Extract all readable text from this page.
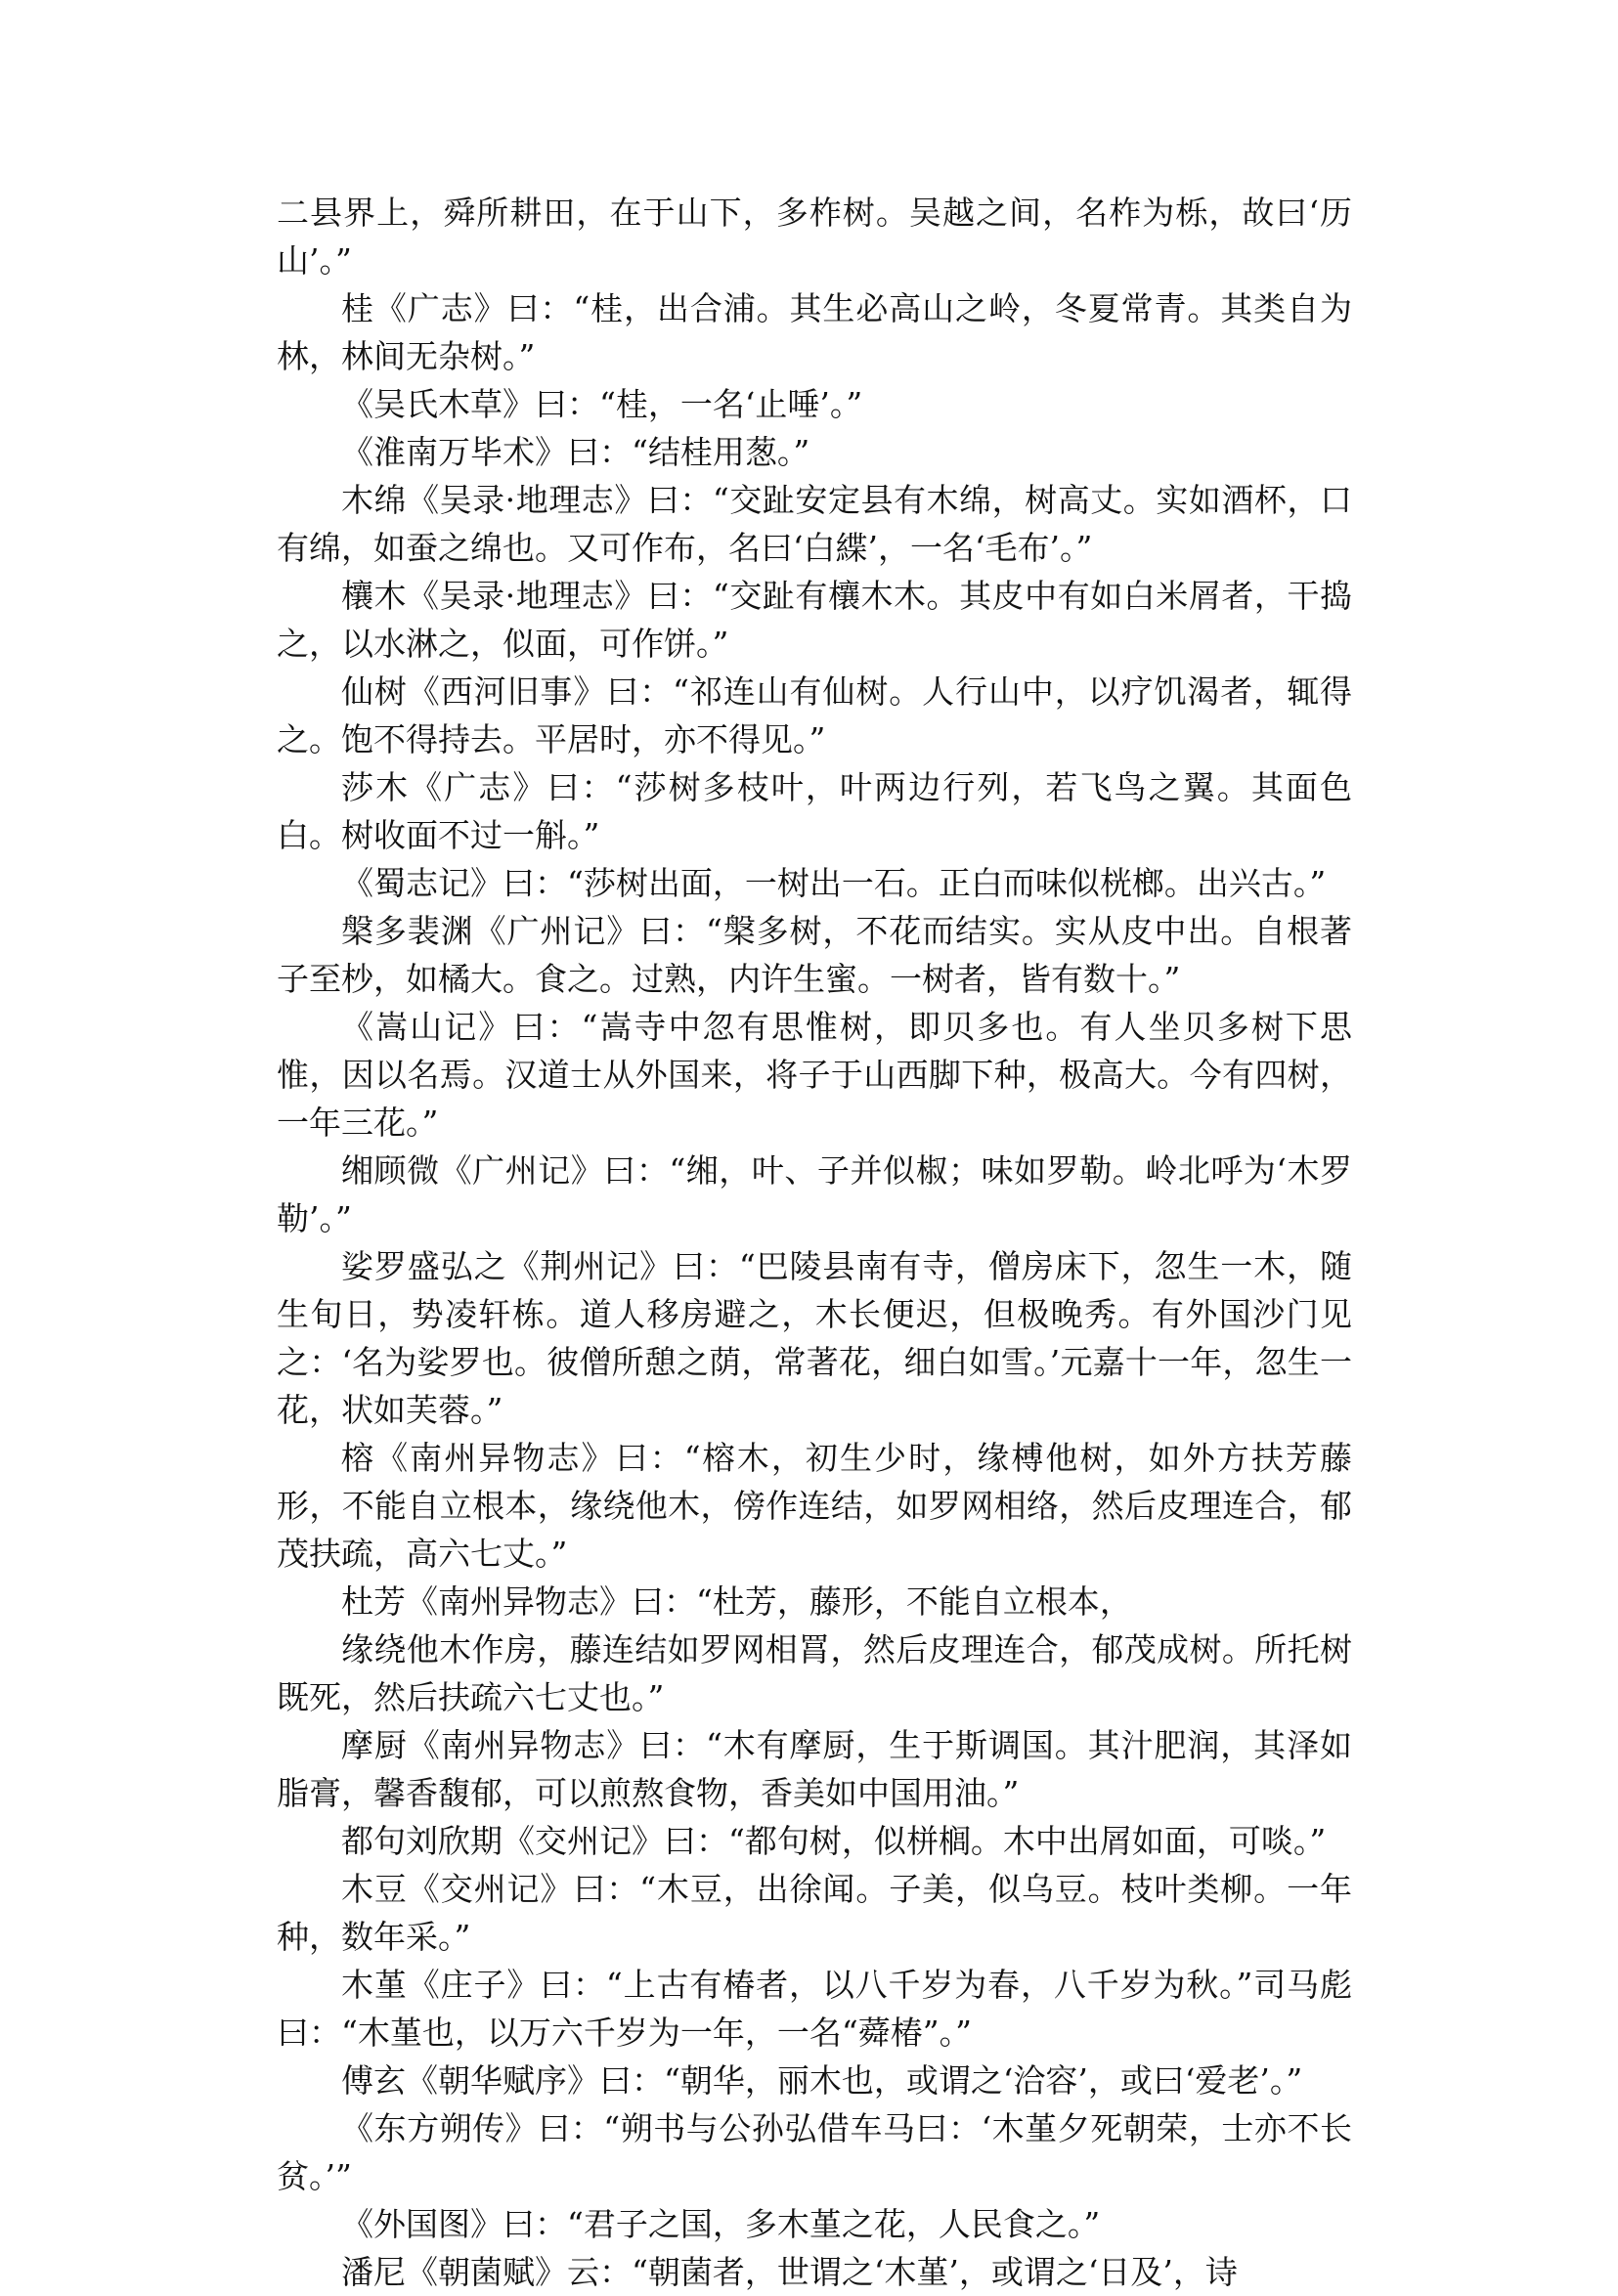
二县界上，舜所耕田，在于山下，多柞树。吴越之间，名柞为栎，故曰‘历山’。”

桂《广志》曰：“桂，出合浦。其生必高山之岭，冬夏常青。其类自为林，林间无杂树。”

《吴氏木草》曰：“桂，一名‘止唾’。”

《淮南万毕术》曰：“结桂用葱。”

木绵《吴录·地理志》曰：“交趾安定县有木绵，树高丈。实如酒杯，口有绵，如蚕之绵也。又可作布，名曰‘白緤’，一名‘毛布’。”

欀木《吴录·地理志》曰：“交趾有欀木木。其皮中有如白米屑者，干捣之，以水淋之，似面，可作饼。”

仙树《西河旧事》曰：“祁连山有仙树。人行山中，以疗饥渴者，辄得之。饱不得持去。平居时，亦不得见。”

莎木《广志》曰：“莎树多枝叶，叶两边行列，若飞鸟之翼。其面色白。树收面不过一斛。”

《蜀志记》曰：“莎树出面，一树出一石。正白而味似桄榔。出兴古。”

槃多裴渊《广州记》曰：“槃多树，不花而结实。实从皮中出。自根著子至杪，如橘大。食之。过熟，内许生蜜。一树者，皆有数十。”

《嵩山记》曰：“嵩寺中忽有思惟树，即贝多也。有人坐贝多树下思惟，因以名焉。汉道士从外国来，将子于山西脚下种，极高大。今有四树，一年三花。”

缃顾微《广州记》曰：“缃，叶、子并似椒；味如罗勒。岭北呼为‘木罗勒’。”

娑罗盛弘之《荆州记》曰：“巴陵县南有寺，僧房床下，忽生一木，随生旬日，势凌轩栋。道人移房避之，木长便迟，但极晚秀。有外国沙门见之：‘名为娑罗也。彼僧所憩之荫，常著花，细白如雪。’元嘉十一年，忽生一花，状如芙蓉。”

榕《南州异物志》曰：“榕木，初生少时，缘榑他树，如外方扶芳藤形，不能自立根本，缘绕他木，傍作连结，如罗网相络，然后皮理连合，郁茂扶疏，高六七丈。”

杜芳《南州异物志》曰：“杜芳，藤形，不能自立根本，

缘绕他木作房，藤连结如罗网相罥，然后皮理连合，郁茂成树。所托树既死，然后扶疏六七丈也。”

摩厨《南州异物志》曰：“木有摩厨，生于斯调国。其汁肥润，其泽如脂膏，馨香馥郁，可以煎熬食物，香美如中国用油。”

都句刘欣期《交州记》曰：“都句树，似栟榈。木中出屑如面，可啖。”

木豆《交州记》曰：“木豆，出徐闻。子美，似乌豆。枝叶类柳。一年种，数年采。”

木堇《庄子》曰：“上古有椿者，以八千岁为春，八千岁为秋。”司马彪曰：“木堇也，以万六千岁为一年，一名“蕣椿”。”

傅玄《朝华赋序》曰：“朝华，丽木也，或谓之‘洽容’，或曰‘爱老’。”

《东方朔传》曰：“朔书与公孙弘借车马曰：‘木堇夕死朝荣，士亦不长贫。’”

《外国图》曰：“君子之国，多木堇之花，人民食之。”

潘尼《朝菌赋》云：“朝菌者，世谓之‘木堇’，或谓之‘日及’，诗
